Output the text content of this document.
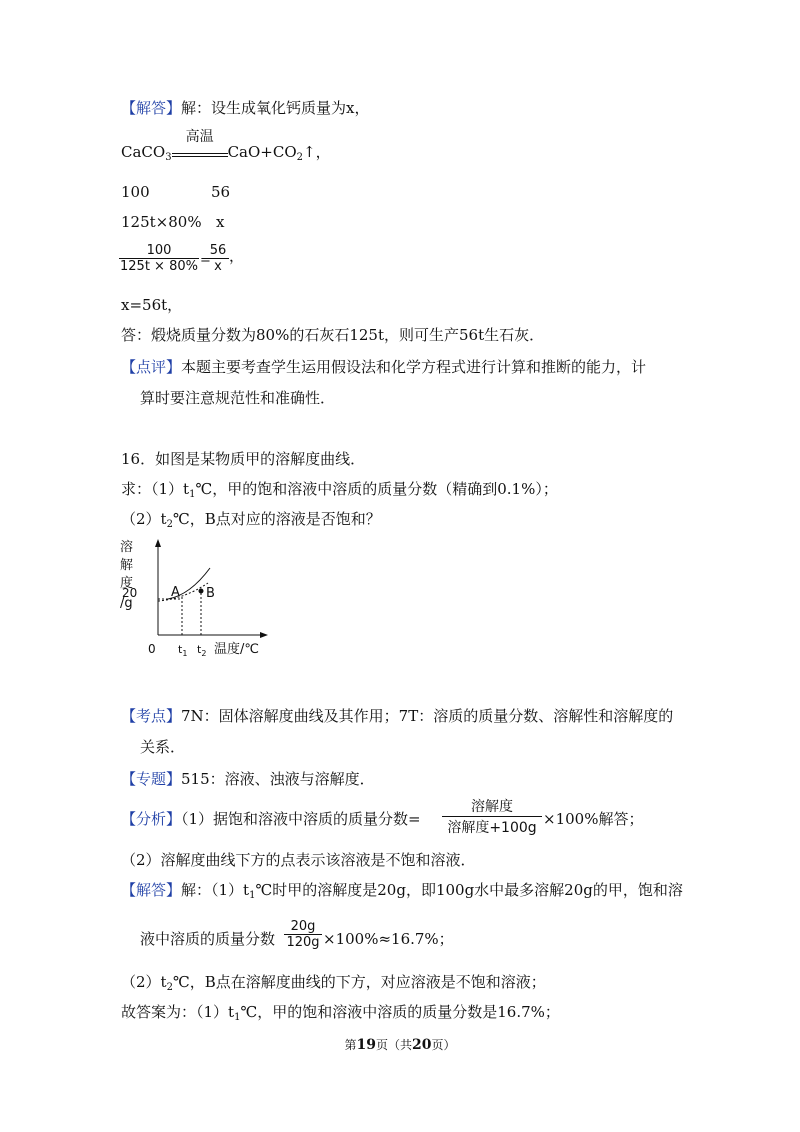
【解答】解：设生成氧化钙质量为x，
CaCO$_3$
高温
$CaO+CO_2↑$，
100	56
125t×80% x
$\frac{100}{125t \times 80\%}$ =
$\frac{56}{x}$ ，
x=56t，
答：煅烧质量分数为80%的石灰石125t，则可生产56t生石灰．
【点评】本题主要考查学生运用假设法和化学方程式进行计算和推断的能力，计
算时要注意规范性和准确性．
16．如图是某物质甲的溶解度曲线．
求：$(1)t_1℃$，甲的饱和溶液中溶质的质量分数（精确到0.1%）；
$(2)t_2℃$，B点对应的溶液是否饱和？
溶
解
度
/g
20
0
A B
$t_1$ $t_2$ 温度/℃
【考点】7N：固体溶解度曲线及其作用；7T：溶质的质量分数、溶解性和溶解度的
关系．
【专题】515：溶液、浊液与溶解度．
【分析】（1）据饱和溶液中溶质的质量分数=
溶解度
溶解度+100g ×100%解答；
（2）溶解度曲线下方的点表示该溶液是不饱和溶液．
【解答】解：$(1)t_1℃$时甲的溶解度是20g，即100g水中最多溶解20g的甲，饱和溶
液中溶质的质量分数 $\frac{20g}{120g} \times 100\%\approx 16.7\%$；
$(2)t_2℃$，B点在溶解度曲线的下方，对应溶液是不饱和溶液；
故答案为：$(1)t_1℃$，甲的饱和溶液中溶质的质量分数是16.7%；
第19页（共20页）
